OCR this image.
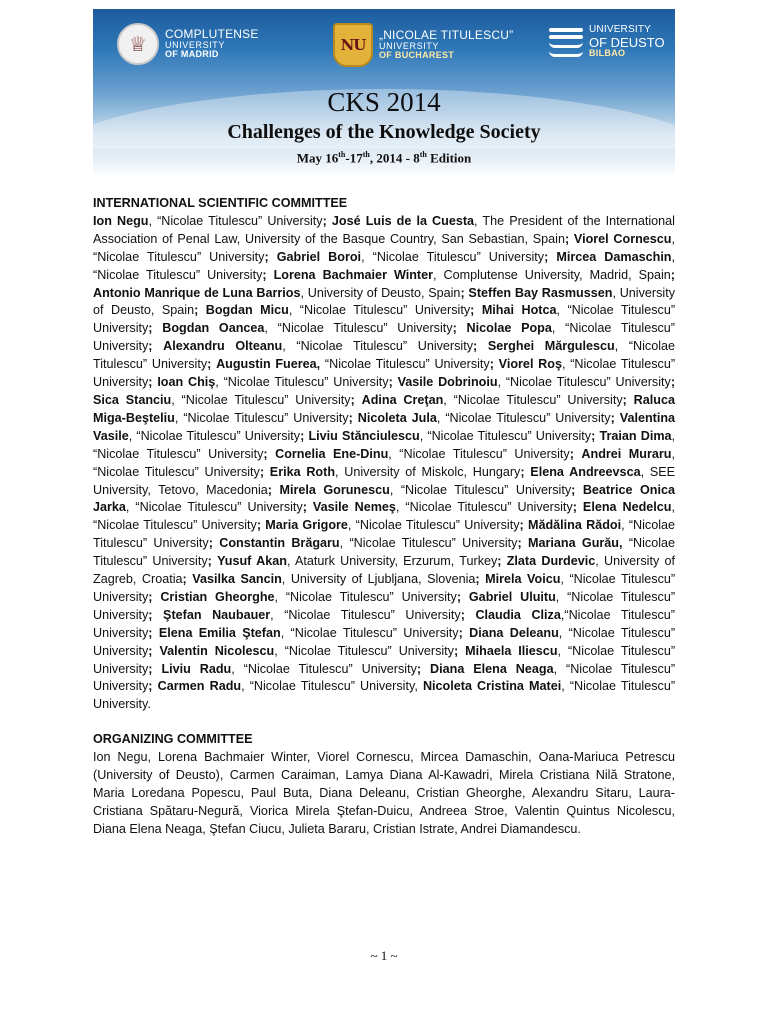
♕	COMPLUTENSE
UNIVERSITY
OF MADRID
NU
„NICOLAE TITULESCU”
UNIVERSITY
OF BUCHAREST
UNIVERSITY
OF DEUSTO
BILBAO
CKS 2014
Challenges of the Knowledge Society
May 16th-17th, 2014 - 8th Edition

INTERNATIONAL SCIENTIFIC COMMITTEE

Ion Negu, “Nicolae Titulescu” University; José Luis de la Cuesta, The President of the International Association of Penal Law, University of the Basque Country, San Sebastian, Spain; Viorel Cornescu, “Nicolae Titulescu” University; Gabriel Boroi, “Nicolae Titulescu” University; Mircea Damaschin, “Nicolae Titulescu” University; Lorena Bachmaier Winter, Complutense University, Madrid, Spain; Antonio Manrique de Luna Barrios, University of Deusto, Spain; Steffen Bay Rasmussen, University of Deusto, Spain; Bogdan Micu, “Nicolae Titulescu” University; Mihai Hotca, “Nicolae Titulescu” University; Bogdan Oancea, “Nicolae Titulescu” University; Nicolae Popa, “Nicolae Titulescu” University; Alexandru Olteanu, “Nicolae Titulescu” University; Serghei Mărgulescu, “Nicolae Titulescu” University; Augustin Fuerea, “Nicolae Titulescu” University; Viorel Roş, “Nicolae Titulescu” University; Ioan Chiş, “Nicolae Titulescu” University; Vasile Dobrinoiu, “Nicolae Titulescu” University; Sica Stanciu, “Nicolae Titulescu” University; Adina Creţan, “Nicolae Titulescu” University; Raluca Miga-Beşteliu, “Nicolae Titulescu” University; Nicoleta Jula, “Nicolae Titulescu” University; Valentina Vasile, “Nicolae Titulescu” University; Liviu Stănciulescu, “Nicolae Titulescu” University; Traian Dima, “Nicolae Titulescu” University; Cornelia Ene-Dinu, “Nicolae Titulescu” University; Andrei Muraru, “Nicolae Titulescu” University; Erika Roth, University of Miskolc, Hungary; Elena Andreevsca, SEE University, Tetovo, Macedonia; Mirela Gorunescu, “Nicolae Titulescu” University; Beatrice Onica Jarka, “Nicolae Titulescu” University; Vasile Nemeş, “Nicolae Titulescu” University; Elena Nedelcu, “Nicolae Titulescu” University; Maria Grigore, “Nicolae Titulescu” University; Mădălina Rădoi, “Nicolae Titulescu” University; Constantin Brăgaru, “Nicolae Titulescu” University; Mariana Gurău, “Nicolae Titulescu” University; Yusuf Akan, Ataturk University, Erzurum, Turkey; Zlata Durdevic, University of Zagreb, Croatia; Vasilka Sancin, University of Ljubljana, Slovenia; Mirela Voicu, “Nicolae Titulescu” University; Cristian Gheorghe, “Nicolae Titulescu” University; Gabriel Uluitu, “Nicolae Titulescu” University; Ştefan Naubauer, “Nicolae Titulescu” University; Claudia Cliza,“Nicolae Titulescu” University; Elena Emilia Ştefan, “Nicolae Titulescu” University; Diana Deleanu, “Nicolae Titulescu” University; Valentin Nicolescu, “Nicolae Titulescu” University; Mihaela Iliescu, “Nicolae Titulescu” University; Liviu Radu, “Nicolae Titulescu” University; Diana Elena Neaga, “Nicolae Titulescu” University; Carmen Radu, “Nicolae Titulescu” University, Nicoleta Cristina Matei, “Nicolae Titulescu” University.

ORGANIZING COMMITTEE

Ion Negu, Lorena Bachmaier Winter, Viorel Cornescu, Mircea Damaschin, Oana-Mariuca Petrescu (University of Deusto), Carmen Caraiman, Lamya Diana Al-Kawadri, Mirela Cristiana Nilă Stratone, Maria Loredana Popescu, Paul Buta, Diana Deleanu, Cristian Gheorghe, Alexandru Sitaru, Laura-Cristiana Spătaru-Negură, Viorica Mirela Ştefan-Duicu, Andreea Stroe, Valentin Quintus Nicolescu, Diana Elena Neaga, Ştefan Ciucu, Julieta Bararu, Cristian Istrate, Andrei Diamandescu.

~ 1 ~
